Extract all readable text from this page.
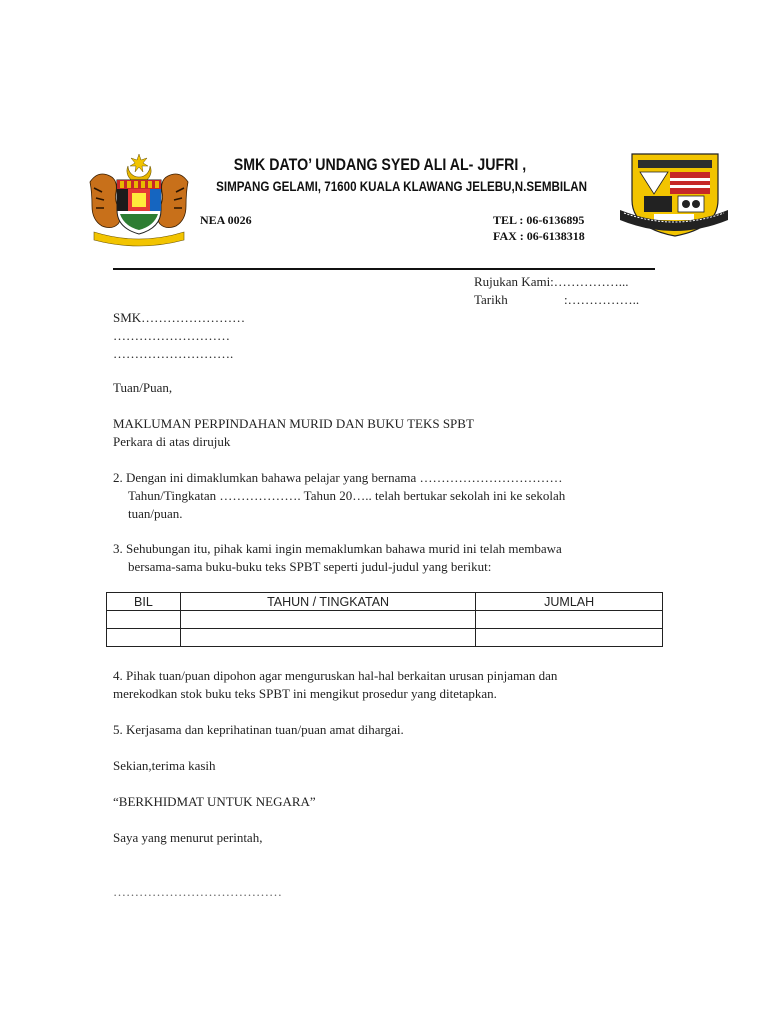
SMK DATO’ UNDANG SYED ALI AL- JUFRI ,
SIMPANG GELAMI, 71600 KUALA KLAWANG JELEBU,N.SEMBILAN
NEA 0026	TEL : 06-6136895
FAX : 06-6138318
Rujukan Kami:……………...
Tarikh	:……………..
SMK……………………
………………………
……………………….
Tuan/Puan,
MAKLUMAN PERPINDAHAN MURID DAN BUKU TEKS SPBT
Perkara di atas dirujuk
2. Dengan ini dimaklumkan bahawa pelajar yang bernama ……………………………
Tahun/Tingkatan ………………. Tahun 20….. telah bertukar sekolah ini ke sekolah
tuan/puan.
3. Sehubungan itu, pihak kami ingin memaklumkan bahawa murid ini telah membawa
bersama-sama buku-buku teks SPBT seperti judul-judul yang berikut:
BIL	TAHUN / TINGKATAN	JUMLAH

4. Pihak tuan/puan dipohon agar menguruskan hal-hal berkaitan urusan pinjaman dan
merekodkan stok buku teks SPBT ini mengikut prosedur yang ditetapkan.
5. Kerjasama dan keprihatinan tuan/puan amat dihargai.
Sekian,terima kasih
“BERKHIDMAT UNTUK NEGARA”
Saya yang menurut perintah,
…………………………………
